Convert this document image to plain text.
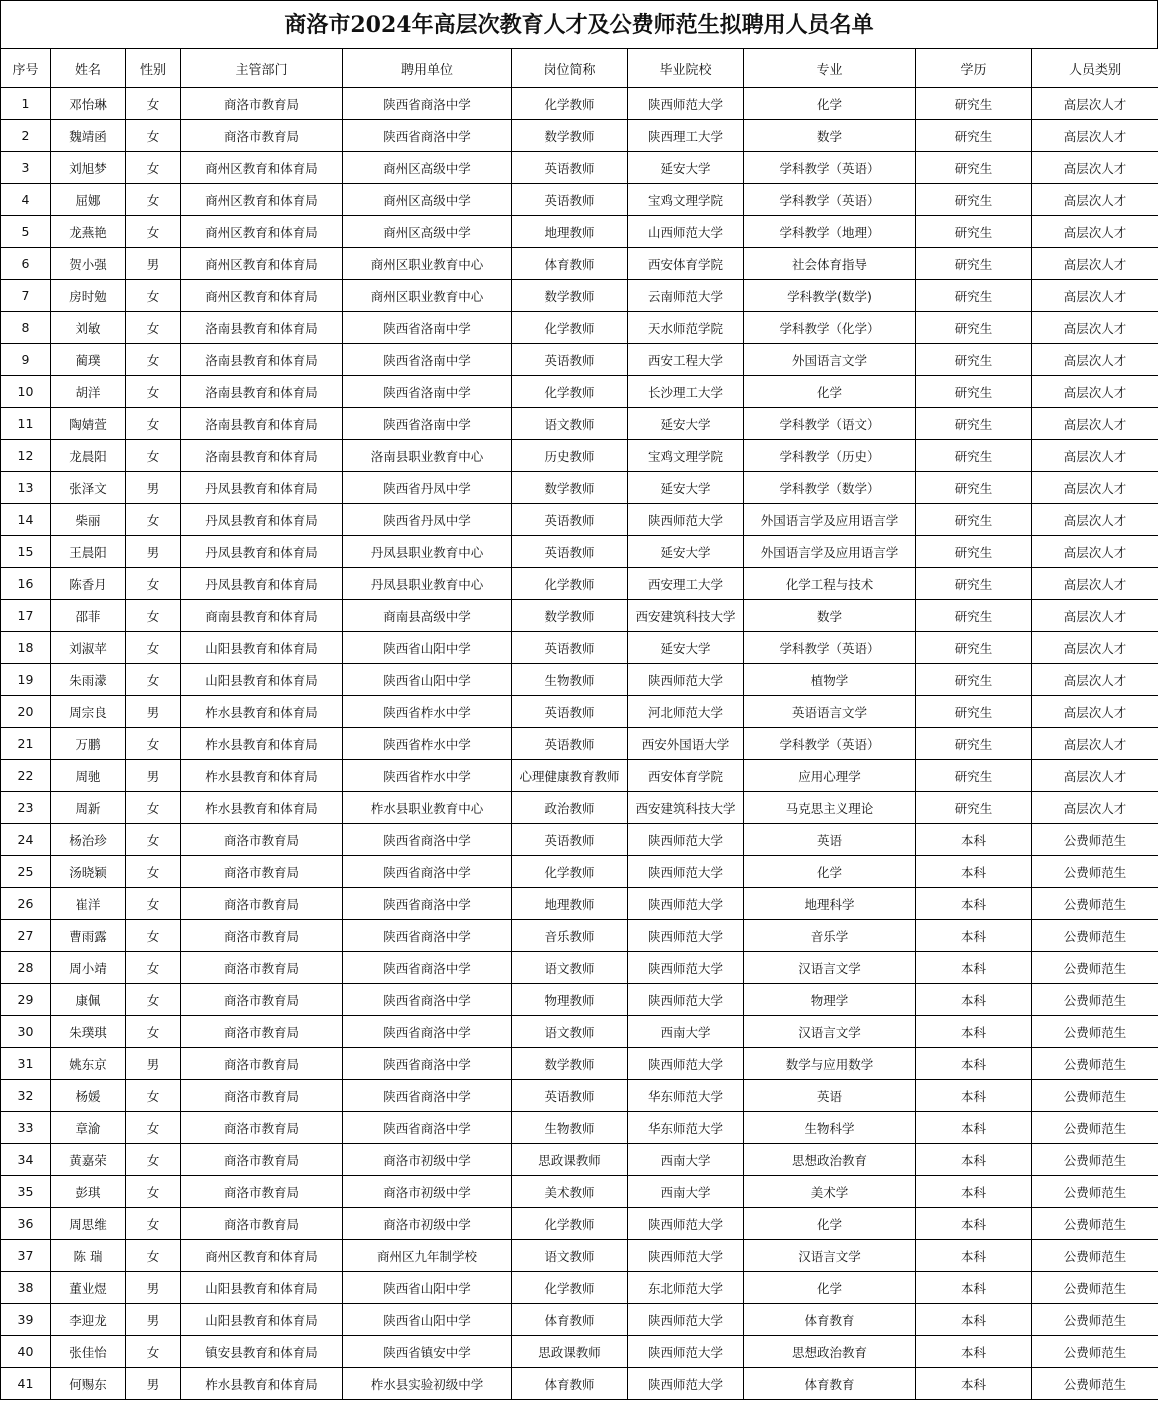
商洛市2024年高层次教育人才及公费师范生拟聘用人员名单
序号	姓名	性别	主管部门	聘用单位	岗位简称	毕业院校	专业	学历	人员类别
1	邓怡琳	女	商洛市教育局	陕西省商洛中学	化学教师	陕西师范大学	化学	研究生	高层次人才
2	魏靖函	女	商洛市教育局	陕西省商洛中学	数学教师	陕西理工大学	数学	研究生	高层次人才
3	刘旭梦	女	商州区教育和体育局	商州区高级中学	英语教师	延安大学	学科教学（英语）	研究生	高层次人才
4	屈娜	女	商州区教育和体育局	商州区高级中学	英语教师	宝鸡文理学院	学科教学（英语）	研究生	高层次人才
5	龙燕艳	女	商州区教育和体育局	商州区高级中学	地理教师	山西师范大学	学科教学（地理）	研究生	高层次人才
6	贺小强	男	商州区教育和体育局	商州区职业教育中心	体育教师	西安体育学院	社会体育指导	研究生	高层次人才
7	房时勉	女	商州区教育和体育局	商州区职业教育中心	数学教师	云南师范大学	学科教学(数学)	研究生	高层次人才
8	刘敏	女	洛南县教育和体育局	陕西省洛南中学	化学教师	天水师范学院	学科教学（化学）	研究生	高层次人才
9	蔺璞	女	洛南县教育和体育局	陕西省洛南中学	英语教师	西安工程大学	外国语言文学	研究生	高层次人才
10	胡洋	女	洛南县教育和体育局	陕西省洛南中学	化学教师	长沙理工大学	化学	研究生	高层次人才
11	陶婧萱	女	洛南县教育和体育局	陕西省洛南中学	语文教师	延安大学	学科教学（语文）	研究生	高层次人才
12	龙晨阳	女	洛南县教育和体育局	洛南县职业教育中心	历史教师	宝鸡文理学院	学科教学（历史）	研究生	高层次人才
13	张泽文	男	丹凤县教育和体育局	陕西省丹凤中学	数学教师	延安大学	学科教学（数学）	研究生	高层次人才
14	柴丽	女	丹凤县教育和体育局	陕西省丹凤中学	英语教师	陕西师范大学	外国语言学及应用语言学	研究生	高层次人才
15	王晨阳	男	丹凤县教育和体育局	丹凤县职业教育中心	英语教师	延安大学	外国语言学及应用语言学	研究生	高层次人才
16	陈香月	女	丹凤县教育和体育局	丹凤县职业教育中心	化学教师	西安理工大学	化学工程与技术	研究生	高层次人才
17	邵菲	女	商南县教育和体育局	商南县高级中学	数学教师	西安建筑科技大学	数学	研究生	高层次人才
18	刘淑苹	女	山阳县教育和体育局	陕西省山阳中学	英语教师	延安大学	学科教学（英语）	研究生	高层次人才
19	朱雨濛	女	山阳县教育和体育局	陕西省山阳中学	生物教师	陕西师范大学	植物学	研究生	高层次人才
20	周宗良	男	柞水县教育和体育局	陕西省柞水中学	英语教师	河北师范大学	英语语言文学	研究生	高层次人才
21	万鹏	女	柞水县教育和体育局	陕西省柞水中学	英语教师	西安外国语大学	学科教学（英语）	研究生	高层次人才
22	周驰	男	柞水县教育和体育局	陕西省柞水中学	心理健康教育教师	西安体育学院	应用心理学	研究生	高层次人才
23	周新	女	柞水县教育和体育局	柞水县职业教育中心	政治教师	西安建筑科技大学	马克思主义理论	研究生	高层次人才
24	杨治珍	女	商洛市教育局	陕西省商洛中学	英语教师	陕西师范大学	英语	本科	公费师范生
25	汤晓颖	女	商洛市教育局	陕西省商洛中学	化学教师	陕西师范大学	化学	本科	公费师范生
26	崔洋	女	商洛市教育局	陕西省商洛中学	地理教师	陕西师范大学	地理科学	本科	公费师范生
27	曹雨露	女	商洛市教育局	陕西省商洛中学	音乐教师	陕西师范大学	音乐学	本科	公费师范生
28	周小靖	女	商洛市教育局	陕西省商洛中学	语文教师	陕西师范大学	汉语言文学	本科	公费师范生
29	康佩	女	商洛市教育局	陕西省商洛中学	物理教师	陕西师范大学	物理学	本科	公费师范生
30	朱璞琪	女	商洛市教育局	陕西省商洛中学	语文教师	西南大学	汉语言文学	本科	公费师范生
31	姚东京	男	商洛市教育局	陕西省商洛中学	数学教师	陕西师范大学	数学与应用数学	本科	公费师范生
32	杨媛	女	商洛市教育局	陕西省商洛中学	英语教师	华东师范大学	英语	本科	公费师范生
33	章渝	女	商洛市教育局	陕西省商洛中学	生物教师	华东师范大学	生物科学	本科	公费师范生
34	黄嘉荣	女	商洛市教育局	商洛市初级中学	思政课教师	西南大学	思想政治教育	本科	公费师范生
35	彭琪	女	商洛市教育局	商洛市初级中学	美术教师	西南大学	美术学	本科	公费师范生
36	周思维	女	商洛市教育局	商洛市初级中学	化学教师	陕西师范大学	化学	本科	公费师范生
37	陈 瑞	女	商州区教育和体育局	商州区九年制学校	语文教师	陕西师范大学	汉语言文学	本科	公费师范生
38	董业煜	男	山阳县教育和体育局	陕西省山阳中学	化学教师	东北师范大学	化学	本科	公费师范生
39	李迎龙	男	山阳县教育和体育局	陕西省山阳中学	体育教师	陕西师范大学	体育教育	本科	公费师范生
40	张佳怡	女	镇安县教育和体育局	陕西省镇安中学	思政课教师	陕西师范大学	思想政治教育	本科	公费师范生
41	何赐东	男	柞水县教育和体育局	柞水县实验初级中学	体育教师	陕西师范大学	体育教育	本科	公费师范生
